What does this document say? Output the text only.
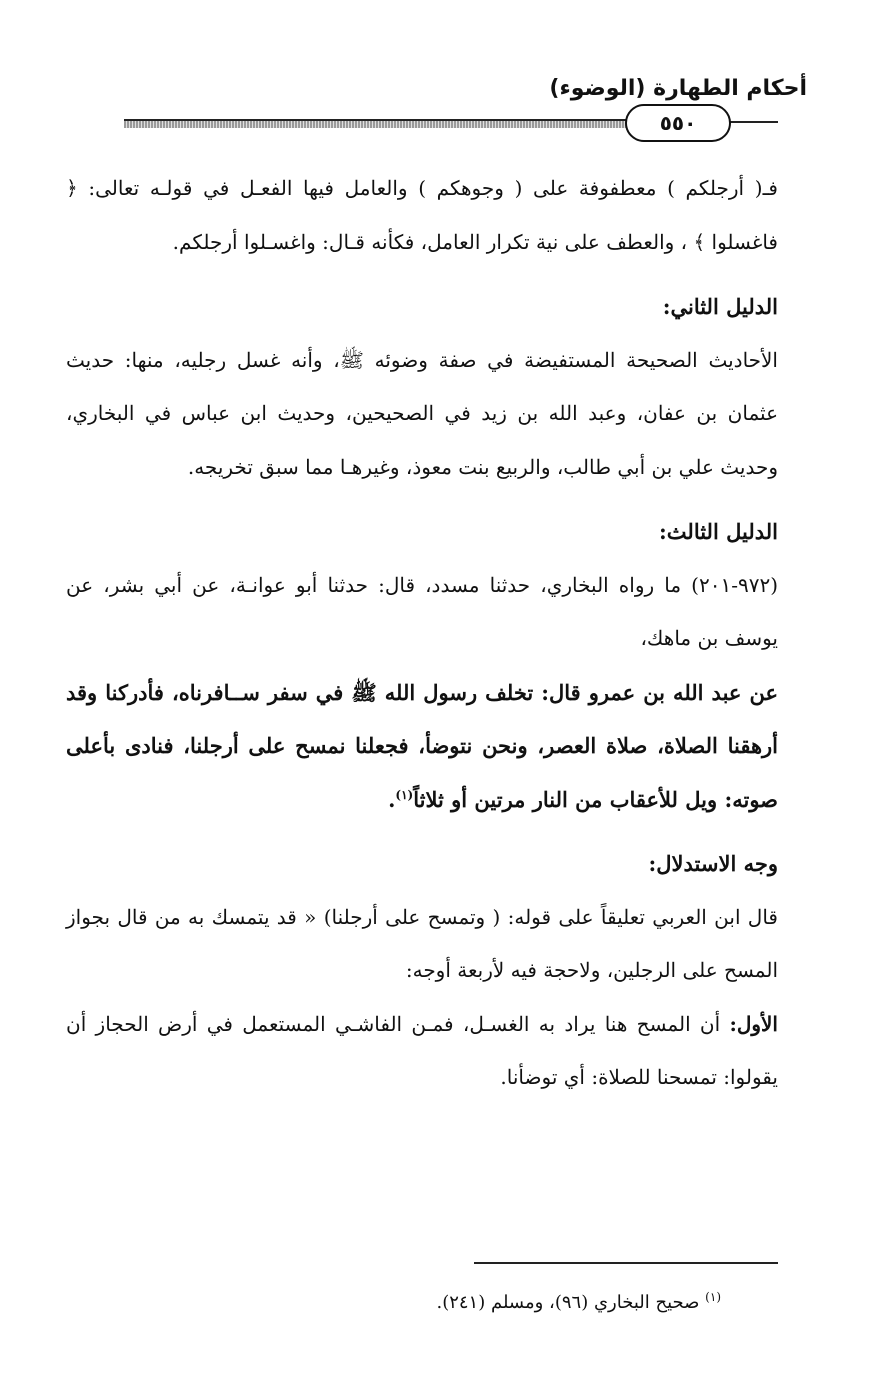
أحكام الطهارة (الوضوء)
٥٥٠

فـ( أرجلكم ) معطفوفة على ( وجوهكم ) والعامل فيها الفعـل في قولـه تعالى: ﴿ فاغسلوا ﴾ ، والعطف على نية تكرار العامل، فكأنه قـال: واغسـلوا أرجلكم.

الدليل الثاني:

الأحاديث الصحيحة المستفيضة في صفة وضوئه ﷺ، وأنه غسل رجليه، منها: حديث عثمان بن عفان، وعبد الله بن زيد في الصحيحين، وحديث ابن عباس في البخاري، وحديث علي بن أبي طالب، والربيع بنت معوذ، وغيرهـا مما سبق تخريجه.

الدليل الثالث:

(٩٧٢-٢٠١) ما رواه البخاري، حدثنا مسدد، قال: حدثنا أبو عوانـة، عن أبي بشر، عن يوسف بن ماهك،

عن عبد الله بن عمرو قال: تخلف رسول الله ﷺ في سفر ســافرناه، فأدركنا وقد أرهقنا الصلاة، صلاة العصر، ونحن نتوضأ، فجعلنا نمسح على أرجلنا، فنادى بأعلى صوته: ويل للأعقاب من النار مرتين أو ثلاثاً$^{(١)}$.

وجه الاستدلال:

قال ابن العربي تعليقاً على قوله: ( وتمسح على أرجلنا) « قد يتمسك به من قال بجواز المسح على الرجلين، ولاحجة فيه لأربعة أوجه:

الأول: أن المسح هنا يراد به الغسـل، فمـن الفاشـي المستعمل في أرض الحجاز أن يقولوا: تمسحنا للصلاة: أي توضأنا.

$^{(١)}$ صحيح البخاري (٩٦)، ومسلم (٢٤١).
